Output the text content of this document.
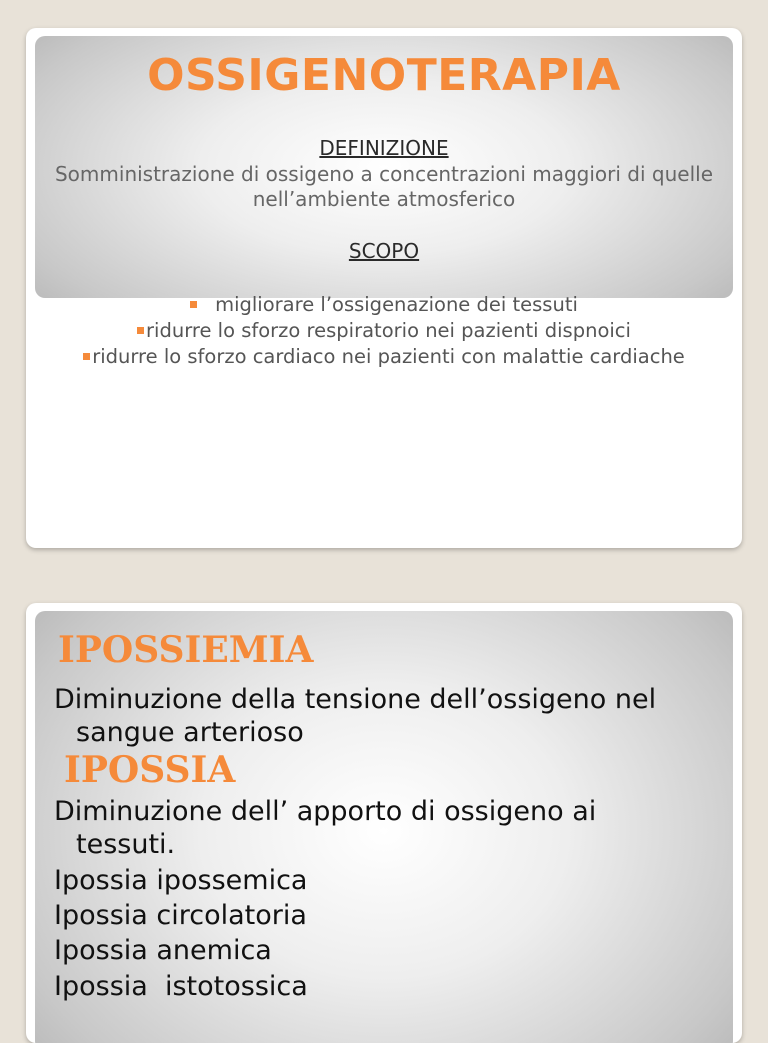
OSSIGENOTERAPIA
DEFINIZIONE
Somministrazione di ossigeno a concentrazioni maggiori di quelle
nell’ambiente atmosferico
SCOPO
migliorare l’ossigenazione dei tessuti
ridurre lo sforzo respiratorio nei pazienti dispnoici
ridurre lo sforzo cardiaco nei pazienti con malattie cardiache
IPOSSIEMIA

Diminuzione della tensione dell’ossigeno nel
sangue arterioso

IPOSSIA

Diminuzione dell’ apporto di ossigeno ai
tessuti.

Ipossia ipossemica

Ipossia circolatoria

Ipossia anemica

Ipossia  istotossica
